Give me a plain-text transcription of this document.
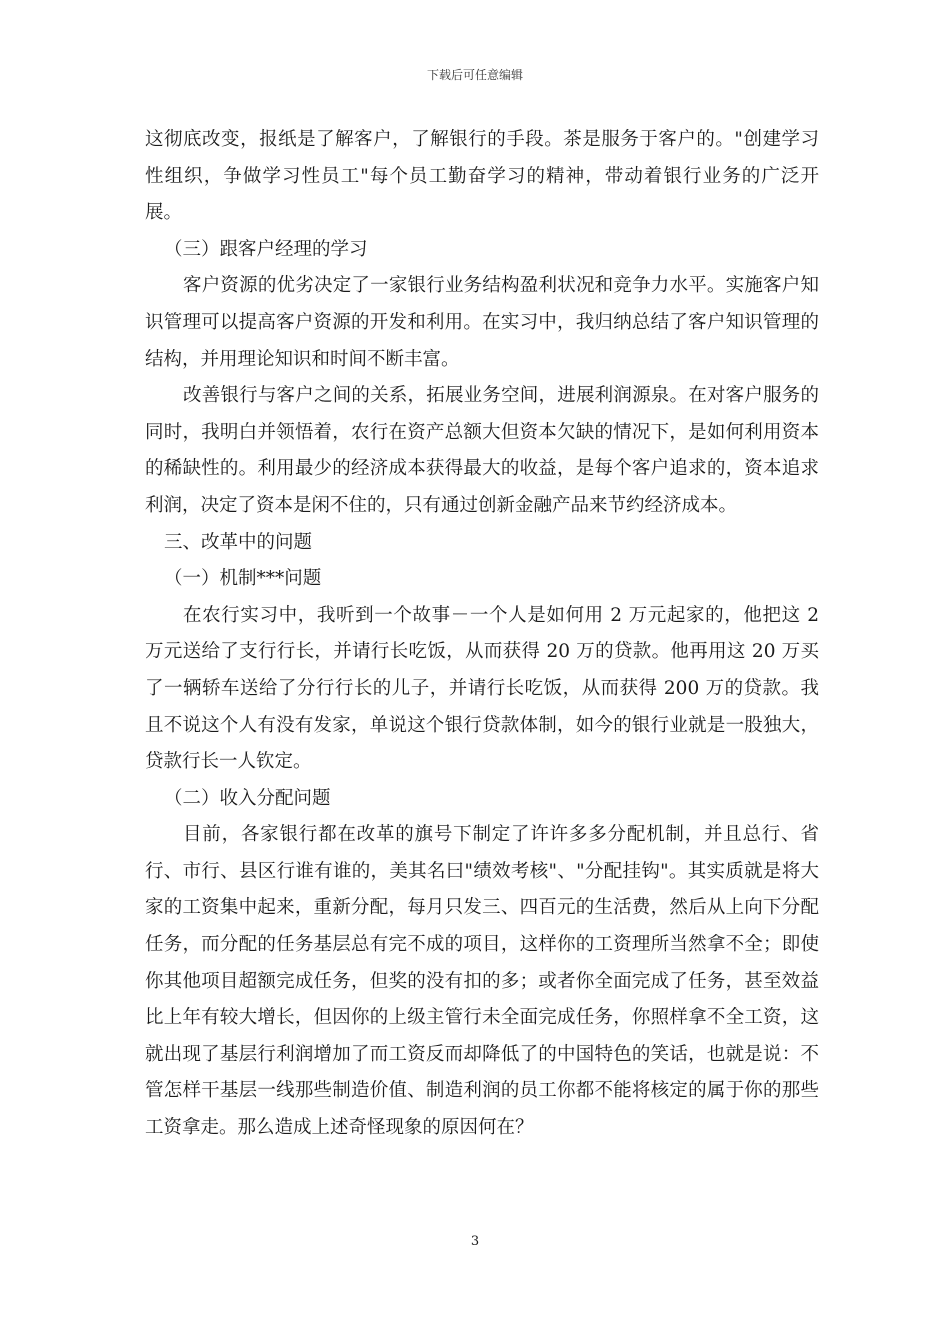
下载后可任意编辑

这彻底改变，报纸是了解客户，了解银行的手段。茶是服务于客户的。"创建学习性组织，争做学习性员工"每个员工勤奋学习的精神，带动着银行业务的广泛开展。

（三）跟客户经理的学习

客户资源的优劣决定了一家银行业务结构盈利状况和竞争力水平。实施客户知识管理可以提高客户资源的开发和利用。在实习中，我归纳总结了客户知识管理的结构，并用理论知识和时间不断丰富。

改善银行与客户之间的关系，拓展业务空间，进展利润源泉。在对客户服务的同时，我明白并领悟着，农行在资产总额大但资本欠缺的情况下，是如何利用资本的稀缺性的。利用最少的经济成本获得最大的收益，是每个客户追求的，资本追求利润，决定了资本是闲不住的，只有通过创新金融产品来节约经济成本。

三、改革中的问题

（一）机制***问题

在农行实习中，我听到一个故事－一个人是如何用 2 万元起家的，他把这 2 万元送给了支行行长，并请行长吃饭，从而获得 20 万的贷款。他再用这 20 万买了一辆轿车送给了分行行长的儿子，并请行长吃饭，从而获得 200 万的贷款。我且不说这个人有没有发家，单说这个银行贷款体制，如今的银行业就是一股独大，贷款行长一人钦定。

（二）收入分配问题

目前，各家银行都在改革的旗号下制定了许许多多分配机制，并且总行、省行、市行、县区行谁有谁的，美其名曰"绩效考核"、"分配挂钩"。其实质就是将大家的工资集中起来，重新分配，每月只发三、四百元的生活费，然后从上向下分配任务，而分配的任务基层总有完不成的项目，这样你的工资理所当然拿不全；即使你其他项目超额完成任务，但奖的没有扣的多；或者你全面完成了任务，甚至效益比上年有较大增长，但因你的上级主管行未全面完成任务，你照样拿不全工资，这就出现了基层行利润增加了而工资反而却降低了的中国特色的笑话，也就是说：不管怎样干基层一线那些制造价值、制造利润的员工你都不能将核定的属于你的那些工资拿走。那么造成上述奇怪现象的原因何在？

3
